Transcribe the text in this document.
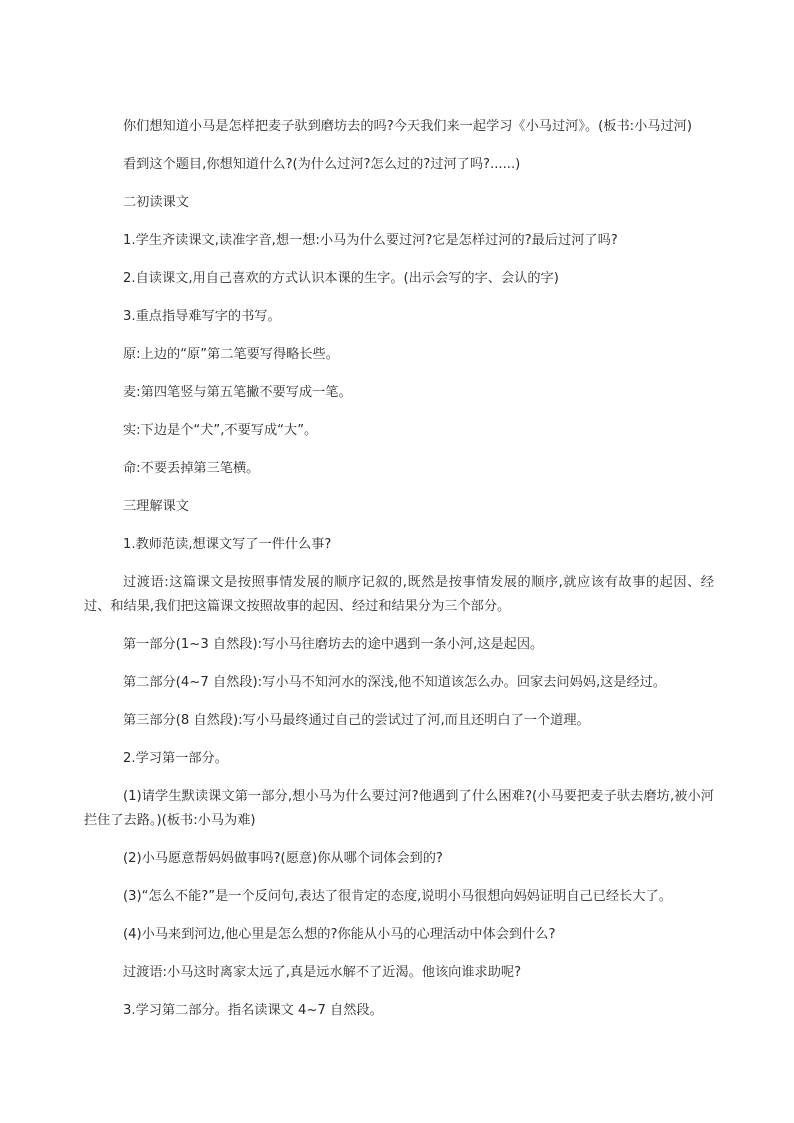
你们想知道小马是怎样把麦子驮到磨坊去的吗?今天我们来一起学习《小马过河》。(板书:小马过河)

看到这个题目,你想知道什么?(为什么过河?怎么过的?过河了吗?......)

二初读课文

1.学生齐读课文,读准字音,想一想:小马为什么要过河?它是怎样过河的?最后过河了吗?

2.自读课文,用自己喜欢的方式认识本课的生字。(出示会写的字、会认的字)

3.重点指导难写字的书写。

原:上边的“原”第二笔要写得略长些。

麦:第四笔竖与第五笔撇不要写成一笔。

实:下边是个“犬”,不要写成“大”。

命:不要丢掉第三笔横。

三理解课文

1.教师范读,想课文写了一件什么事?

过渡语:这篇课文是按照事情发展的顺序记叙的,既然是按事情发展的顺序,就应该有故事的起因、经过、和结果,我们把这篇课文按照故事的起因、经过和结果分为三个部分。

第一部分(1~3 自然段):写小马往磨坊去的途中遇到一条小河,这是起因。

第二部分(4~7 自然段):写小马不知河水的深浅,他不知道该怎么办。回家去问妈妈,这是经过。

第三部分(8 自然段):写小马最终通过自己的尝试过了河,而且还明白了一个道理。

2.学习第一部分。

(1)请学生默读课文第一部分,想小马为什么要过河?他遇到了什么困难?(小马要把麦子驮去磨坊,被小河拦住了去路。)(板书:小马为难)

(2)小马愿意帮妈妈做事吗?(愿意)你从哪个词体会到的?

(3)“怎么不能?”是一个反问句,表达了很肯定的态度,说明小马很想向妈妈证明自己已经长大了。

(4)小马来到河边,他心里是怎么想的?你能从小马的心理活动中体会到什么?

过渡语:小马这时离家太远了,真是远水解不了近渴。他该向谁求助呢?

3.学习第二部分。指名读课文 4~7 自然段。
